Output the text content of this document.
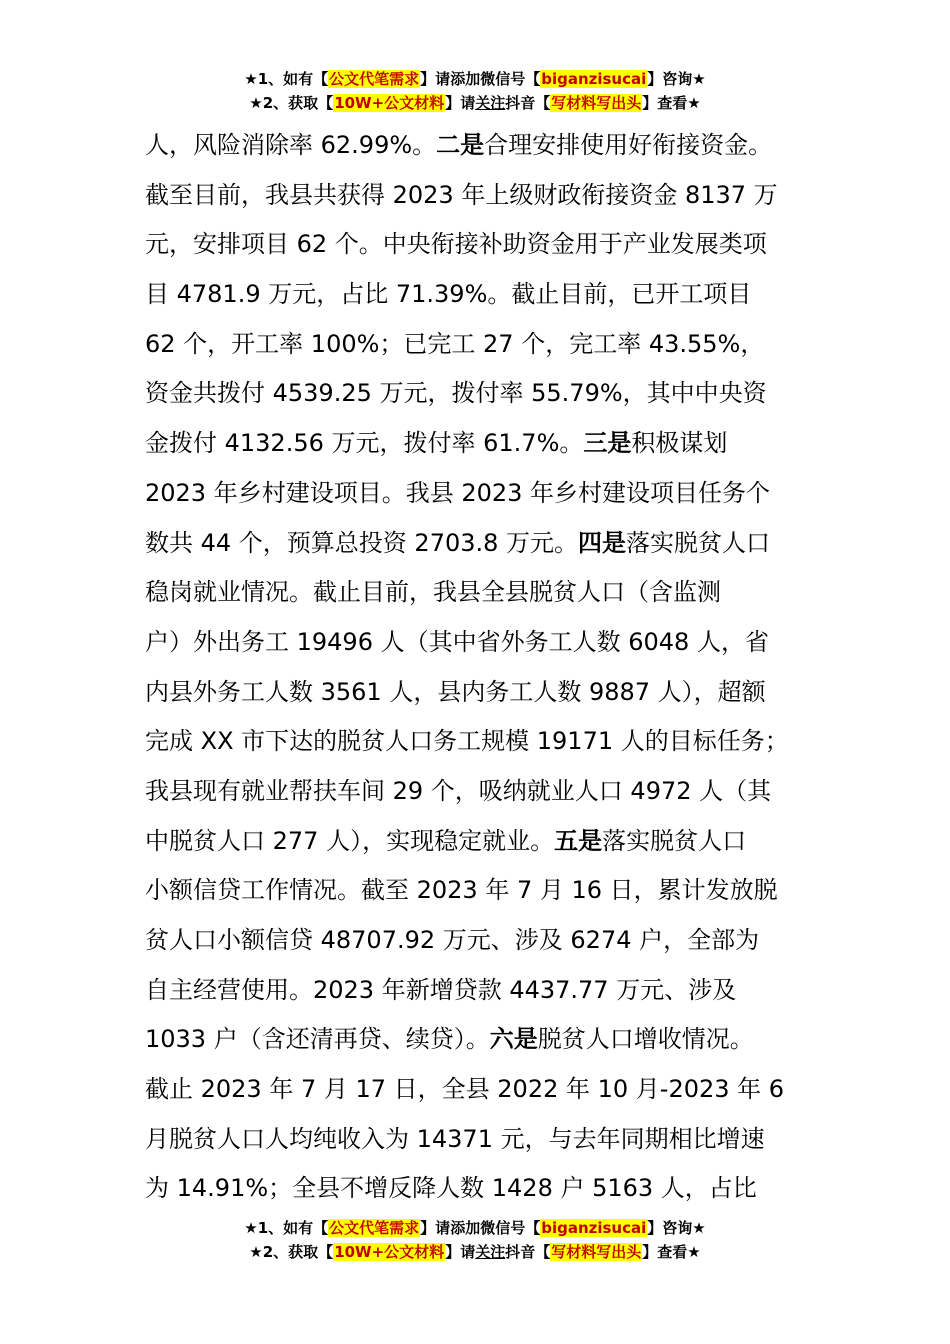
★1、如有【公文代笔需求】请添加微信号【biganzisucai】咨询★
★2、获取【10W+公文材料】请关注抖音【写材料写出头】查看★
人，风险消除率 62.99%。二是合理安排使用好衔接资金。
截至目前，我县共获得 2023 年上级财政衔接资金 8137 万
元，安排项目 62 个。中央衔接补助资金用于产业发展类项
目 4781.9 万元，占比 71.39%。截止目前，已开工项目
62 个，开工率 100%；已完工 27 个，完工率 43.55%，
资金共拨付 4539.25 万元，拨付率 55.79%，其中中央资
金拨付 4132.56 万元，拨付率 61.7%。三是积极谋划
2023 年乡村建设项目。我县 2023 年乡村建设项目任务个
数共 44 个，预算总投资 2703.8 万元。四是落实脱贫人口
稳岗就业情况。截止目前，我县全县脱贫人口（含监测
户）外出务工 19496 人（其中省外务工人数 6048 人，省
内县外务工人数 3561 人，县内务工人数 9887 人），超额
完成 XX 市下达的脱贫人口务工规模 19171 人的目标任务；
我县现有就业帮扶车间 29 个，吸纳就业人口 4972 人（其
中脱贫人口 277 人），实现稳定就业。五是落实脱贫人口
小额信贷工作情况。截至 2023 年 7 月 16 日，累计发放脱
贫人口小额信贷 48707.92 万元、涉及 6274 户，全部为
自主经营使用。2023 年新增贷款 4437.77 万元、涉及
1033 户（含还清再贷、续贷）。六是脱贫人口增收情况。
截止 2023 年 7 月 17 日，全县 2022 年 10 月-2023 年 6
月脱贫人口人均纯收入为 14371 元，与去年同期相比增速
为 14.91%；全县不增反降人数 1428 户 5163 人，占比
★1、如有【公文代笔需求】请添加微信号【biganzisucai】咨询★
★2、获取【10W+公文材料】请关注抖音【写材料写出头】查看★
